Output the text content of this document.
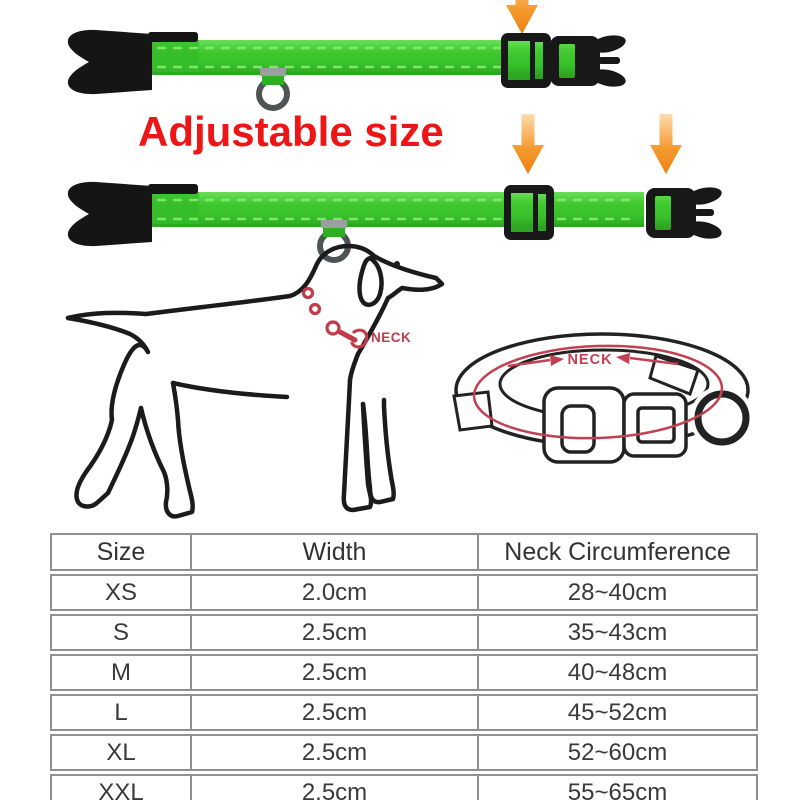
Adjustable size
NECK
NECK
Size	Width	Neck Circumference
XS	2.0cm	28~40cm
S	2.5cm	35~43cm
M	2.5cm	40~48cm
L	2.5cm	45~52cm
XL	2.5cm	52~60cm
XXL	2.5cm	55~65cm
